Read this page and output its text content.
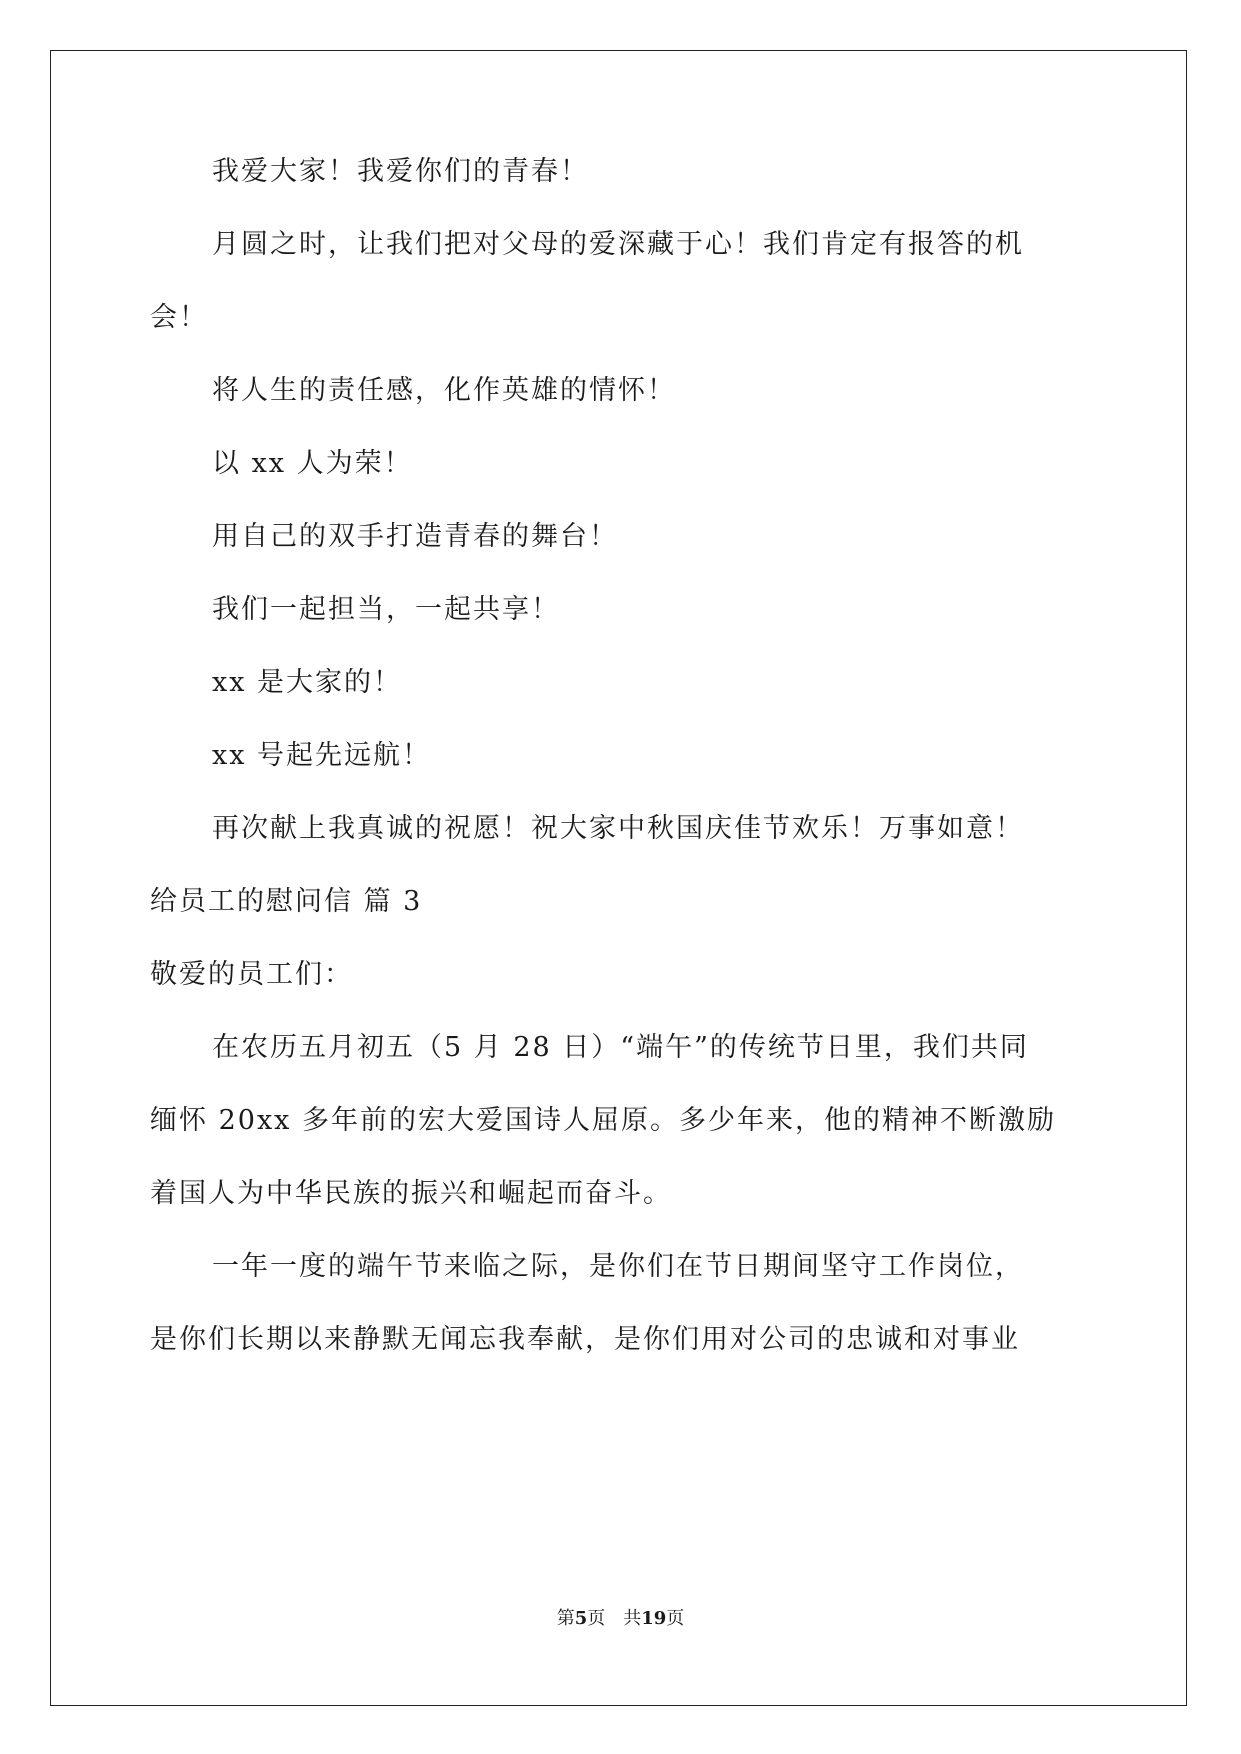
我爱大家！我爱你们的青春！
月圆之时，让我们把对父母的爱深藏于心！我们肯定有报答的机
会！
将人生的责任感，化作英雄的情怀！
以 xx 人为荣！
用自己的双手打造青春的舞台！
我们一起担当，一起共享！
xx 是大家的！
xx 号起先远航！
再次献上我真诚的祝愿！祝大家中秋国庆佳节欢乐！万事如意！
给员工的慰问信 篇 3
敬爱的员工们：
在农历五月初五（5 月 28 日）“端午”的传统节日里，我们共同
缅怀 20xx 多年前的宏大爱国诗人屈原。多少年来，他的精神不断激励
着国人为中华民族的振兴和崛起而奋斗。
一年一度的端午节来临之际，是你们在节日期间坚守工作岗位，
是你们长期以来静默无闻忘我奉献，是你们用对公司的忠诚和对事业
第5页　共19页
